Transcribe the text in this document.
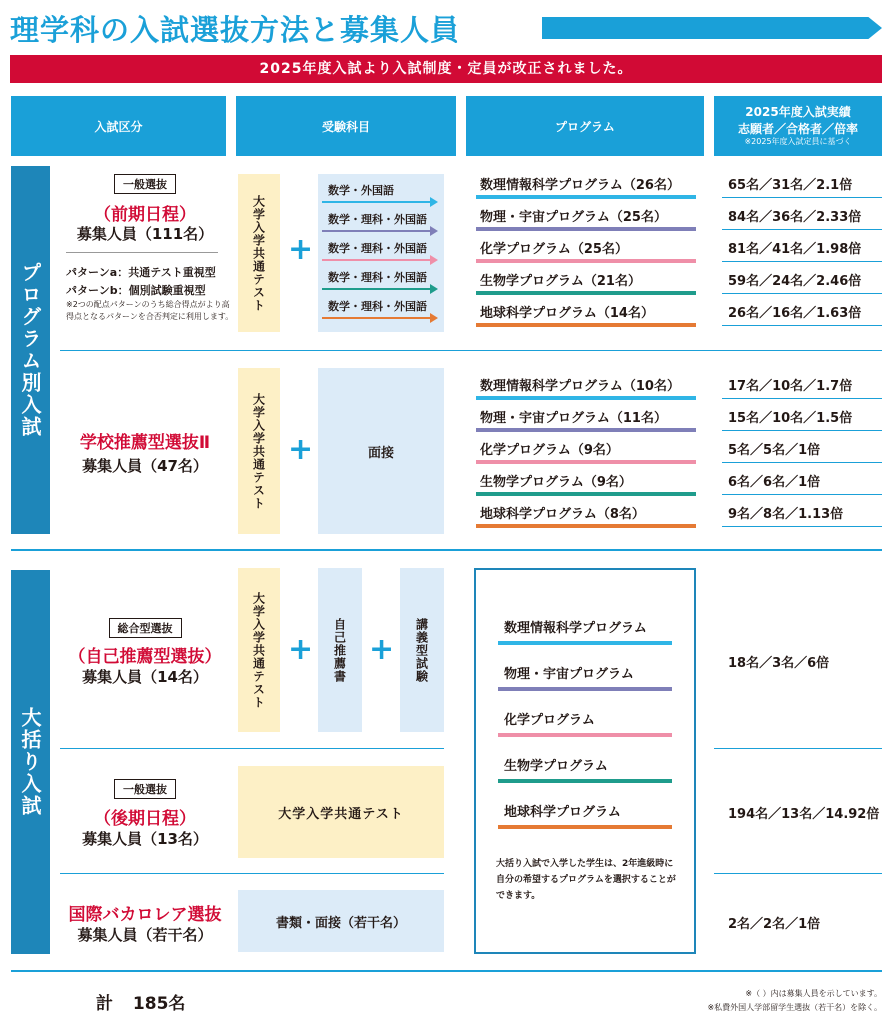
理学科の入試選抜方法と募集人員
2025年度入試より入試制度・定員が改正されました。
入試区分	受験科目	プログラム
2025年度入試実績
志願者／合格者／倍率
※2025年度入試定員に基づく
プログラム別入試
大括り入試
一般選抜
（前期日程）
募集人員（111名）
パターンa：共通テスト重視型
パターンb：個別試験重視型
※2つの配点パターンのうち総合得点がより高得点となるパターンを合否判定に利用します。
大学入学共通テスト +
数学・外国語
数学・理科・外国語
数学・理科・外国語
数学・理科・外国語
数学・理科・外国語
数理情報科学プログラム（26名）	65名／31名／2.1倍
物理・宇宙プログラム（25名）	84名／36名／2.33倍
化学プログラム（25名）	81名／41名／1.98倍
生物学プログラム（21名）	59名／24名／2.46倍
地球科学プログラム（14名）	26名／16名／1.63倍
学校推薦型選抜Ⅱ
募集人員（47名）	大学入学共通テスト +	面接
数理情報科学プログラム（10名）	17名／10名／1.7倍
物理・宇宙プログラム（11名）	15名／10名／1.5倍
化学プログラム（9名）	5名／5名／1倍
生物学プログラム（9名）	6名／6名／1倍
地球科学プログラム（8名）	9名／8名／1.13倍
総合型選抜
（自己推薦型選抜）
募集人員（14名）	大学入学共通テスト +	自己推薦書 +	講義型試験	18名／3名／6倍
一般選抜
（後期日程）
募集人員（13名）
大学入学共通テスト	194名／13名／14.92倍
国際バカロレア選抜
募集人員（若干名）
書類・面接（若干名）	2名／2名／1倍
数理情報科学プログラム
物理・宇宙プログラム
化学プログラム
生物学プログラム
地球科学プログラム
大括り入試で入学した学生は、2年進級時に自分の希望するプログラムを選択することができます。
計 185名
※（ ）内は募集人員を示しています。
※私費外国人学部留学生選抜（若干名）を除く。
